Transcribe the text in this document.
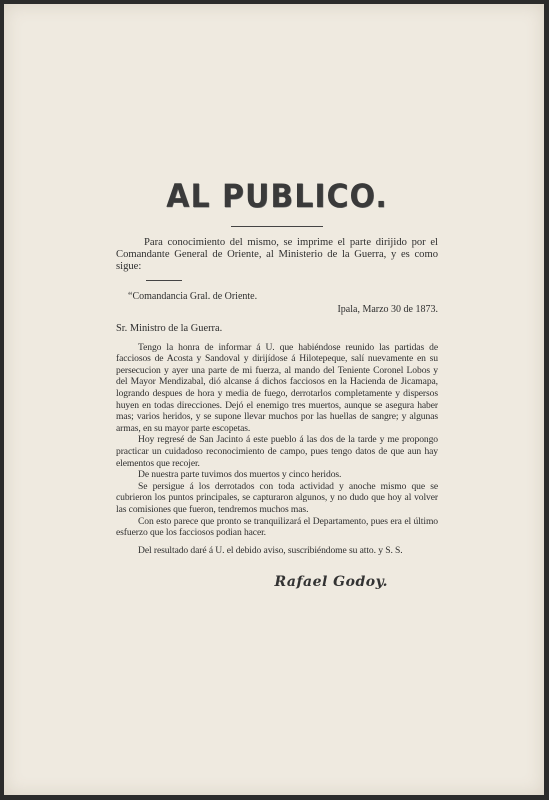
AL PUBLICO.

Para conocimiento del mismo, se imprime el parte dirijido por el Comandante General de Oriente, al Ministerio de la Guerra, y es como sigue:

“Comandancia Gral. de Oriente.
Ipala, Marzo 30 de 1873.
Sr. Ministro de la Guerra.

Tengo la honra de informar á U. que habiéndose reunido las partidas de facciosos de Acosta y Sandoval y dirijídose á Hilotepeque, salí nuevamente en su persecucion y ayer una parte de mi fuerza, al mando del Teniente Coronel Lobos y del Mayor Mendizabal, dió alcanse á dichos facciosos en la Hacienda de Jicamapa, logrando despues de hora y media de fuego, derrotarlos completamente y dispersos huyen en todas direcciones. Dejó el enemigo tres muertos, aunque se asegura haber mas; varios heridos, y se supone llevar muchos por las huellas de sangre; y algunas armas, en su mayor parte escopetas.

Hoy regresé de San Jacinto á este pueblo á las dos de la tarde y me propongo practicar un cuidadoso reconocimiento de campo, pues tengo datos de que aun hay elementos que recojer.

De nuestra parte tuvimos dos muertos y cinco heridos.

Se persigue á los derrotados con toda actividad y anoche mismo que se cubrieron los puntos principales, se capturaron algunos, y no dudo que hoy al volver las comisiones que fueron, tendremos muchos mas.

Con esto parece que pronto se tranquilizará el Departamento, pues era el último esfuerzo que los facciosos podian hacer.

Del resultado daré á U. el debido aviso, suscribiéndome su atto. y S. S.

Rafael Godoy.
